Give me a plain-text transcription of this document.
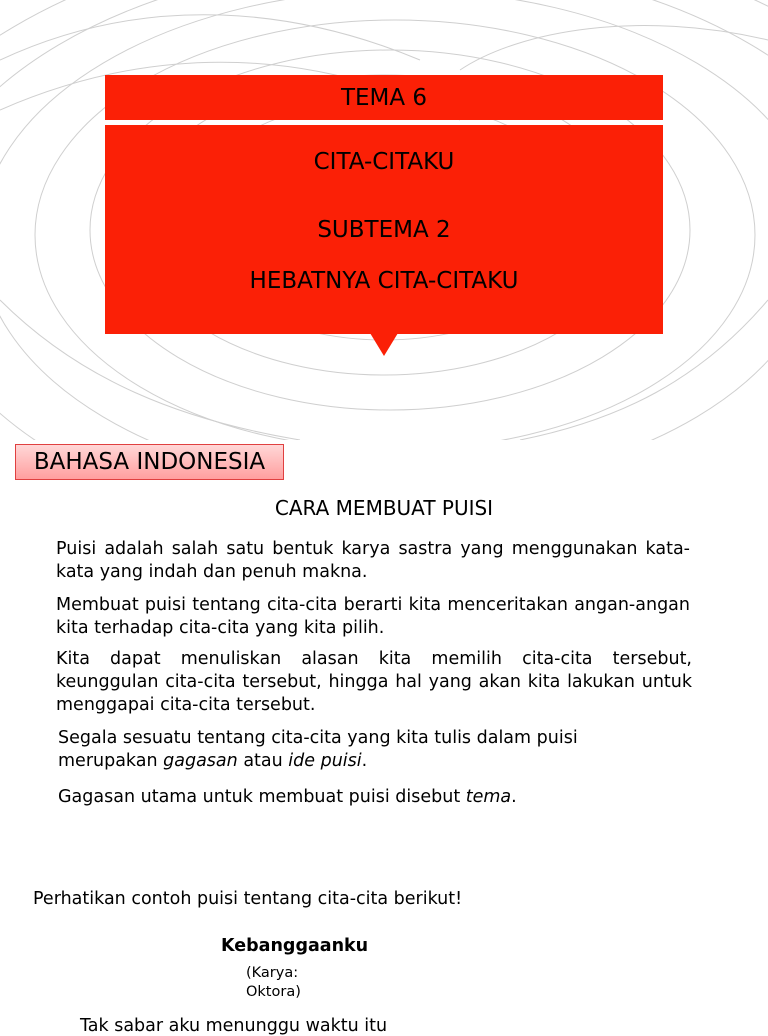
TEMA 6
CITA-CITAKU
SUBTEMA 2
HEBATNYA CITA-CITAKU
BAHASA INDONESIA
CARA MEMBUAT PUISI

Puisi adalah salah satu bentuk karya sastra yang menggunakan kata-kata yang indah dan penuh makna.

Membuat puisi tentang cita-cita berarti kita menceritakan angan-angan kita terhadap cita-cita yang kita pilih.

Kita dapat menuliskan alasan kita memilih cita-cita tersebut, keunggulan cita-cita tersebut, hingga hal yang akan kita lakukan untuk menggapai cita-cita tersebut.

Segala sesuatu tentang cita-cita yang kita tulis dalam puisi merupakan gagasan atau ide puisi.

Gagasan utama untuk membuat puisi disebut tema.

Perhatikan contoh puisi tentang cita-cita berikut!

Kebanggaanku
(Karya: Oktora)
Tak sabar aku menunggu waktu itu
